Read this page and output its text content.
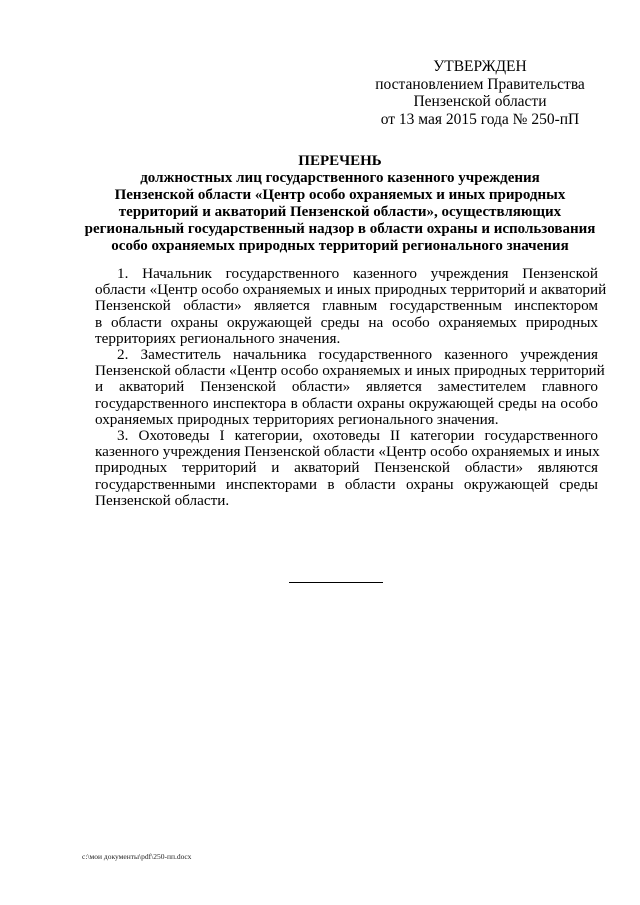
УТВЕРЖДЕН
постановлением Правительства
Пензенской области
от 13 мая 2015 года № 250-пП
ПЕРЕЧЕНЬ
должностных лиц государственного казенного учреждения
Пензенской области «Центр особо охраняемых и иных природных
территорий и акваторий Пензенской области», осуществляющих
региональный государственный надзор в области охраны и использования
особо охраняемых природных территорий регионального значения
1. Начальник государственного казенного учреждения Пензенской
области «Центр особо охраняемых и иных природных территорий и акваторий
Пензенской области» является главным государственным инспектором
в области охраны окружающей среды на особо охраняемых природных
территориях регионального значения.
2. Заместитель начальника государственного казенного учреждения
Пензенской области «Центр особо охраняемых и иных природных территорий
и акваторий Пензенской области» является заместителем главного
государственного инспектора в области охраны окружающей среды на особо
охраняемых природных территориях регионального значения.
3. Охотоведы I категории, охотоведы II категории государственного
казенного учреждения Пензенской области «Центр особо охраняемых и иных
природных территорий и акваторий Пензенской области» являются
государственными инспекторами в области охраны окружающей среды
Пензенской области.
c:\мои документы\pdf\250-пп.docx
